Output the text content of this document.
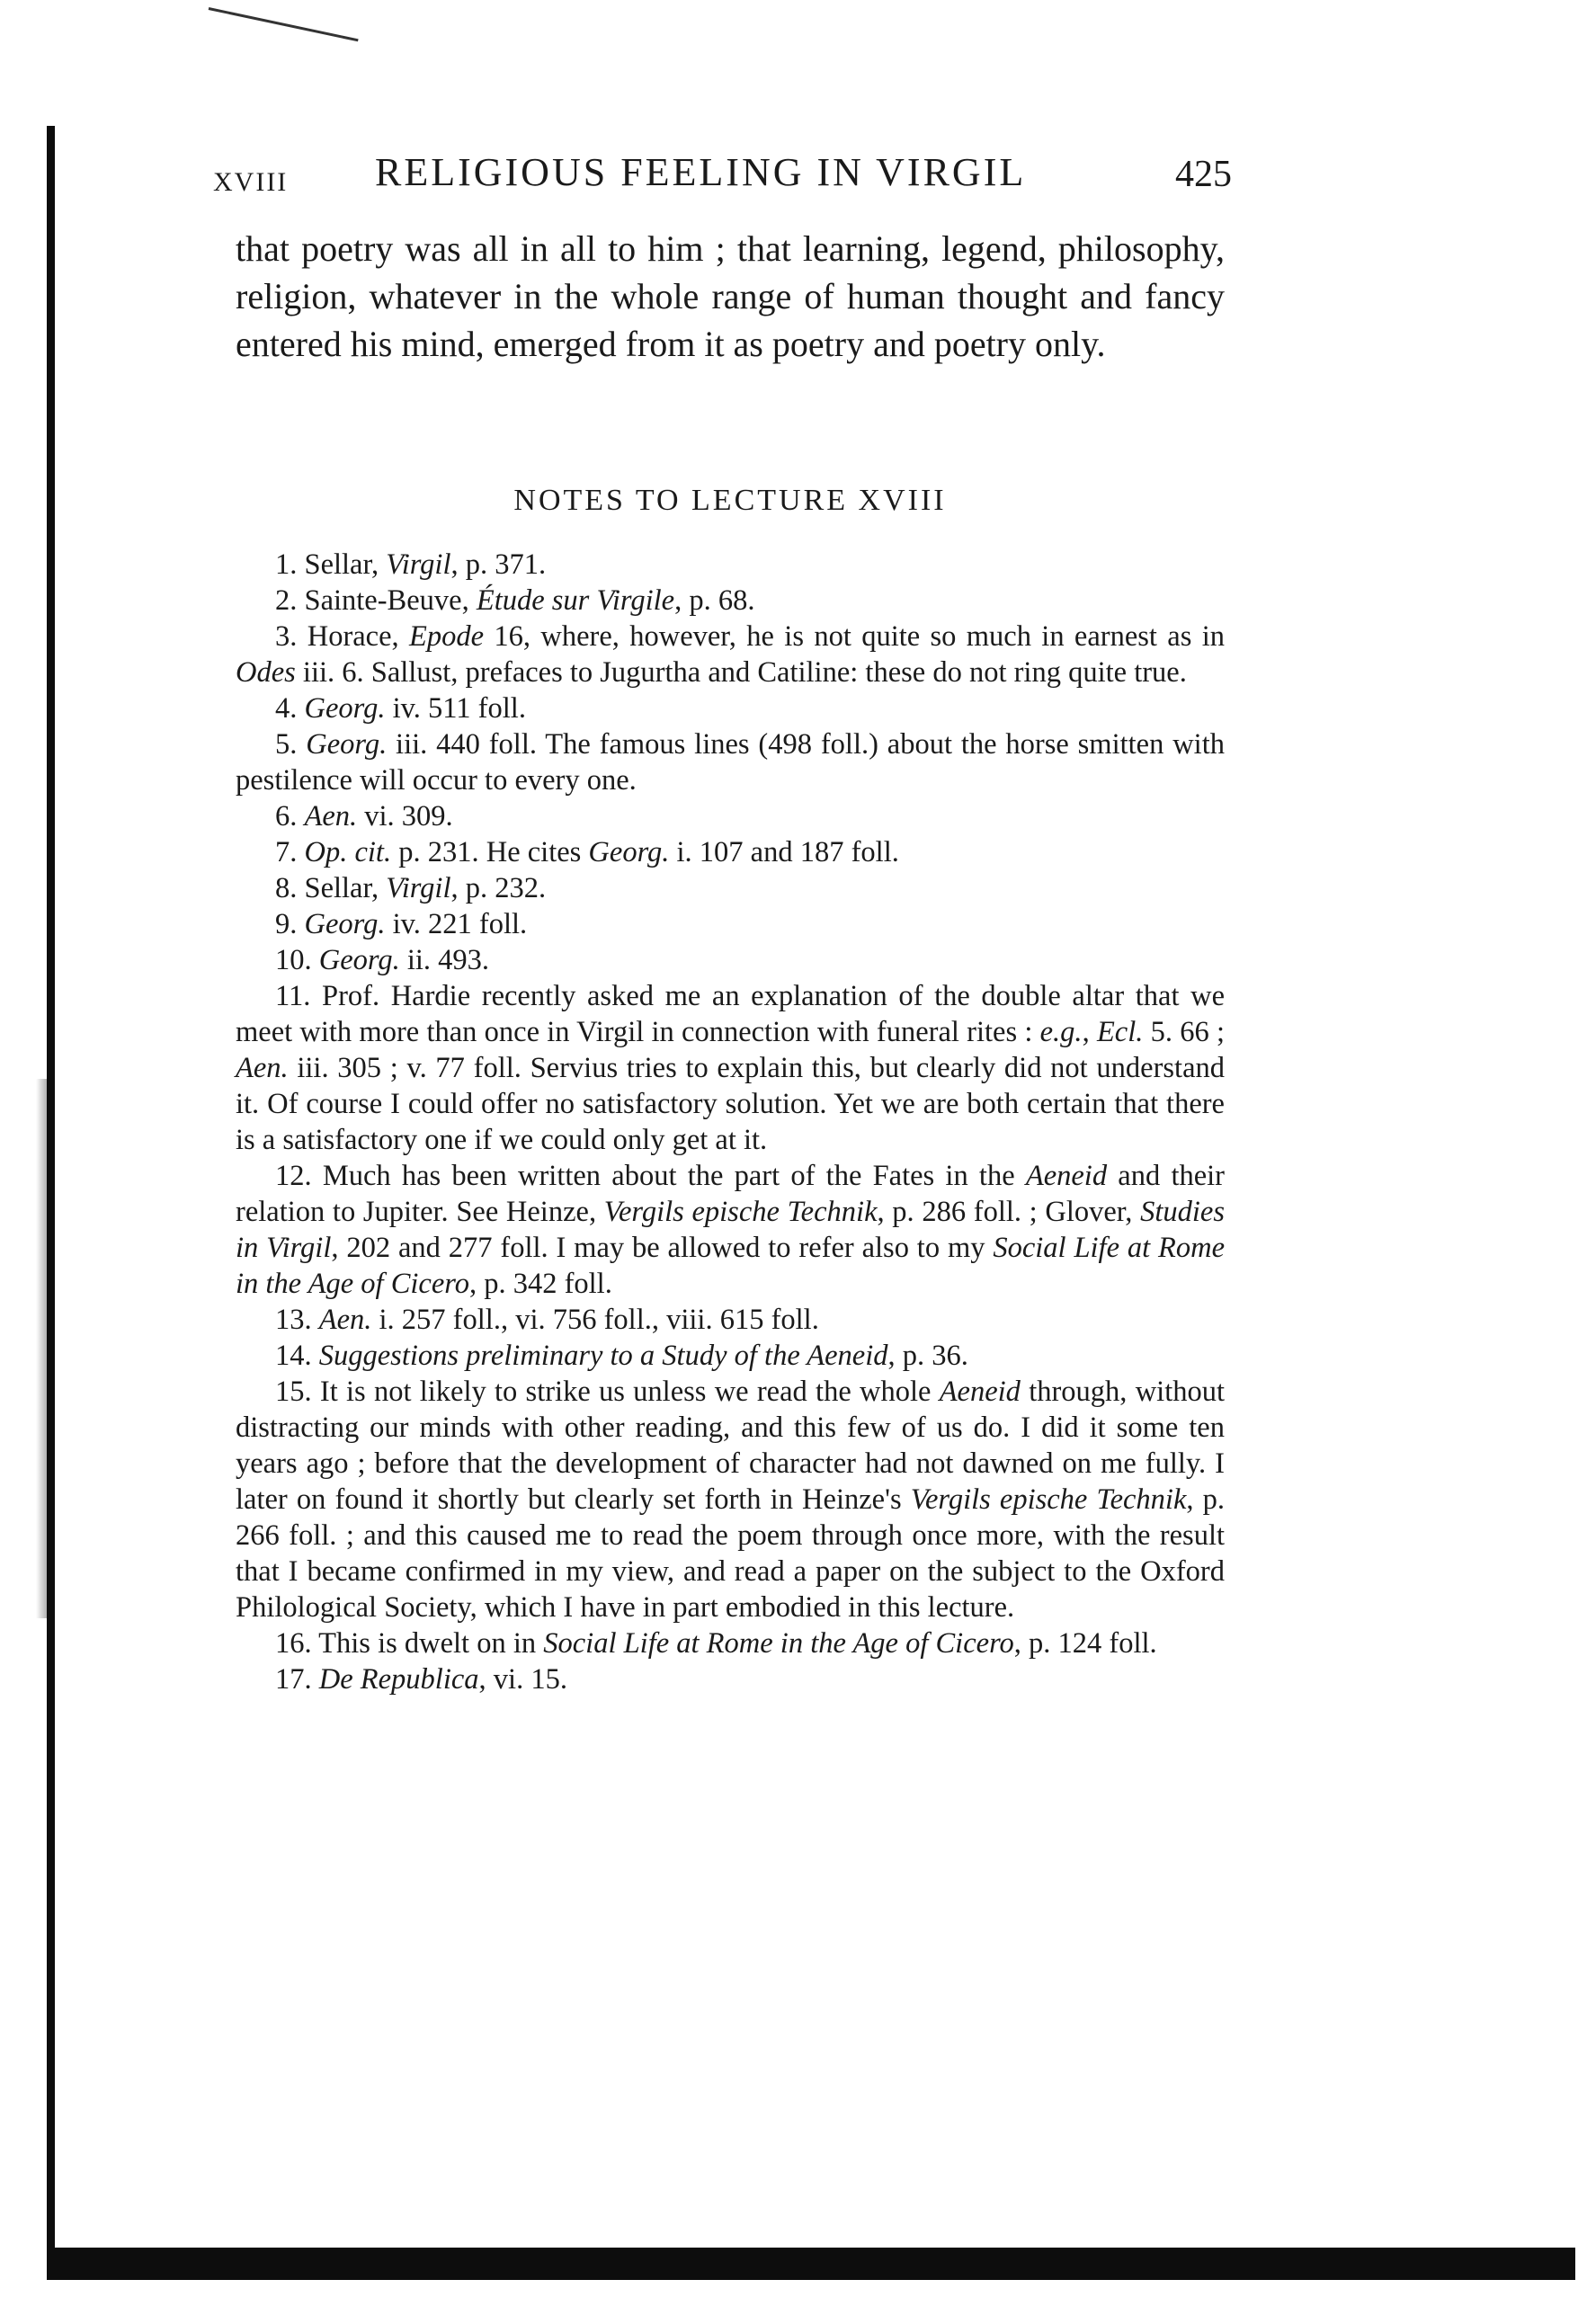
XVIII RELIGIOUS FEELING IN VIRGIL	425
that poetry was all in all to him ; that learning, legend, philosophy, religion, whatever in the whole range of human thought and fancy entered his mind, emerged from it as poetry and poetry only.
NOTES TO LECTURE XVIII

1. Sellar, Virgil, p. 371.

2. Sainte-Beuve, Étude sur Virgile, p. 68.

3. Horace, Epode 16, where, however, he is not quite so much in earnest as in Odes iii. 6. Sallust, prefaces to Jugurtha and Catiline: these do not ring quite true.

4. Georg. iv. 511 foll.

5. Georg. iii. 440 foll. The famous lines (498 foll.) about the horse smitten with pestilence will occur to every one.

6. Aen. vi. 309.

7. Op. cit. p. 231. He cites Georg. i. 107 and 187 foll.

8. Sellar, Virgil, p. 232.

9. Georg. iv. 221 foll.

10. Georg. ii. 493.

11. Prof. Hardie recently asked me an explanation of the double altar that we meet with more than once in Virgil in connection with funeral rites : e.g., Ecl. 5. 66 ; Aen. iii. 305 ; v. 77 foll. Servius tries to explain this, but clearly did not understand it. Of course I could offer no satisfactory solution. Yet we are both certain that there is a satisfactory one if we could only get at it.

12. Much has been written about the part of the Fates in the Aeneid and their relation to Jupiter. See Heinze, Vergils epische Technik, p. 286 foll. ; Glover, Studies in Virgil, 202 and 277 foll. I may be allowed to refer also to my Social Life at Rome in the Age of Cicero, p. 342 foll.

13. Aen. i. 257 foll., vi. 756 foll., viii. 615 foll.

14. Suggestions preliminary to a Study of the Aeneid, p. 36.

15. It is not likely to strike us unless we read the whole Aeneid through, without distracting our minds with other reading, and this few of us do. I did it some ten years ago ; before that the development of character had not dawned on me fully. I later on found it shortly but clearly set forth in Heinze's Vergils epische Technik, p. 266 foll. ; and this caused me to read the poem through once more, with the result that I became confirmed in my view, and read a paper on the subject to the Oxford Philological Society, which I have in part embodied in this lecture.

16. This is dwelt on in Social Life at Rome in the Age of Cicero, p. 124 foll.

17. De Republica, vi. 15.
